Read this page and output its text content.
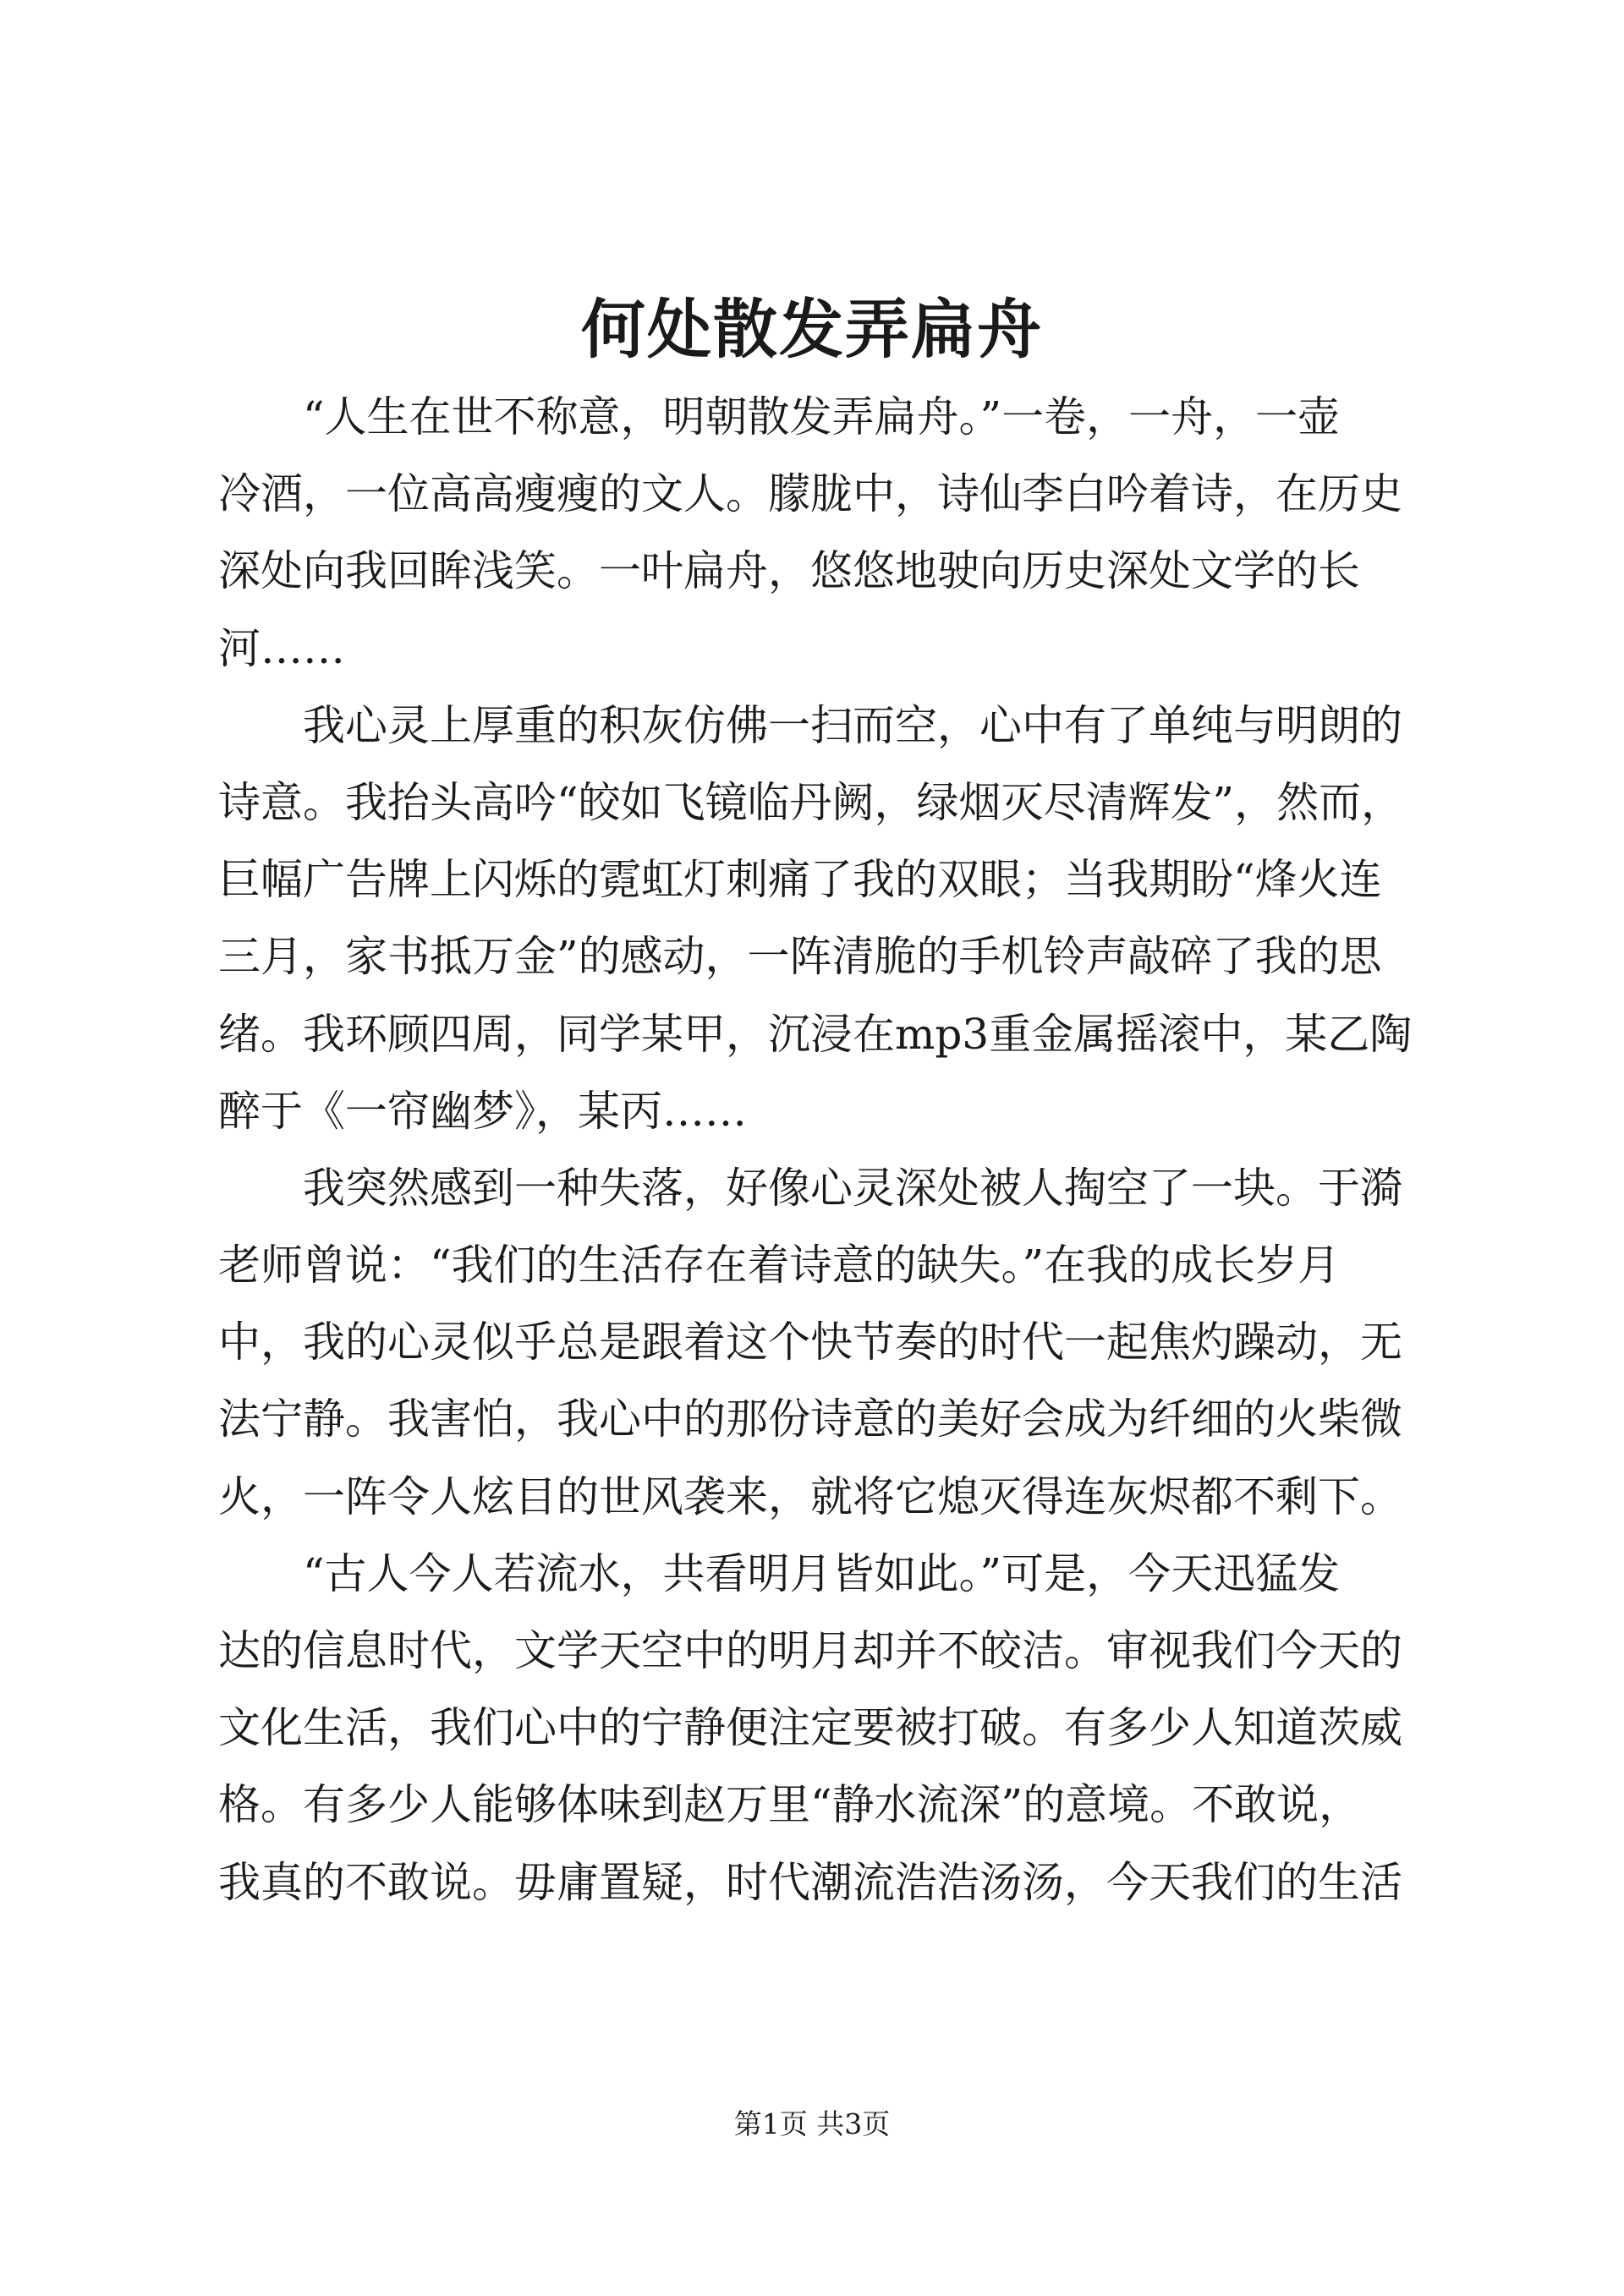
何处散发弄扁舟
　　“人生在世不称意，明朝散发弄扁舟。”一卷，一舟，一壶
冷酒，一位高高瘦瘦的文人。朦胧中，诗仙李白吟着诗，在历史
深处向我回眸浅笑。一叶扁舟，悠悠地驶向历史深处文学的长
河……
　　我心灵上厚重的积灰仿佛一扫而空，心中有了单纯与明朗的
诗意。我抬头高吟“皎如飞镜临丹阙，绿烟灭尽清辉发”，然而，
巨幅广告牌上闪烁的霓虹灯刺痛了我的双眼；当我期盼“烽火连
三月，家书抵万金”的感动，一阵清脆的手机铃声敲碎了我的思
绪。我环顾四周，同学某甲，沉浸在mp3重金属摇滚中，某乙陶
醉于《一帘幽梦》，某丙……
　　我突然感到一种失落，好像心灵深处被人掏空了一块。于漪
老师曾说：“我们的生活存在着诗意的缺失。”在我的成长岁月
中，我的心灵似乎总是跟着这个快节奏的时代一起焦灼躁动，无
法宁静。我害怕，我心中的那份诗意的美好会成为纤细的火柴微
火，一阵令人炫目的世风袭来，就将它熄灭得连灰烬都不剩下。
　　“古人今人若流水，共看明月皆如此。”可是，今天迅猛发
达的信息时代，文学天空中的明月却并不皎洁。审视我们今天的
文化生活，我们心中的宁静便注定要被打破。有多少人知道茨威
格。有多少人能够体味到赵万里“静水流深”的意境。不敢说，
我真的不敢说。毋庸置疑，时代潮流浩浩汤汤，今天我们的生活
第1页 共3页
